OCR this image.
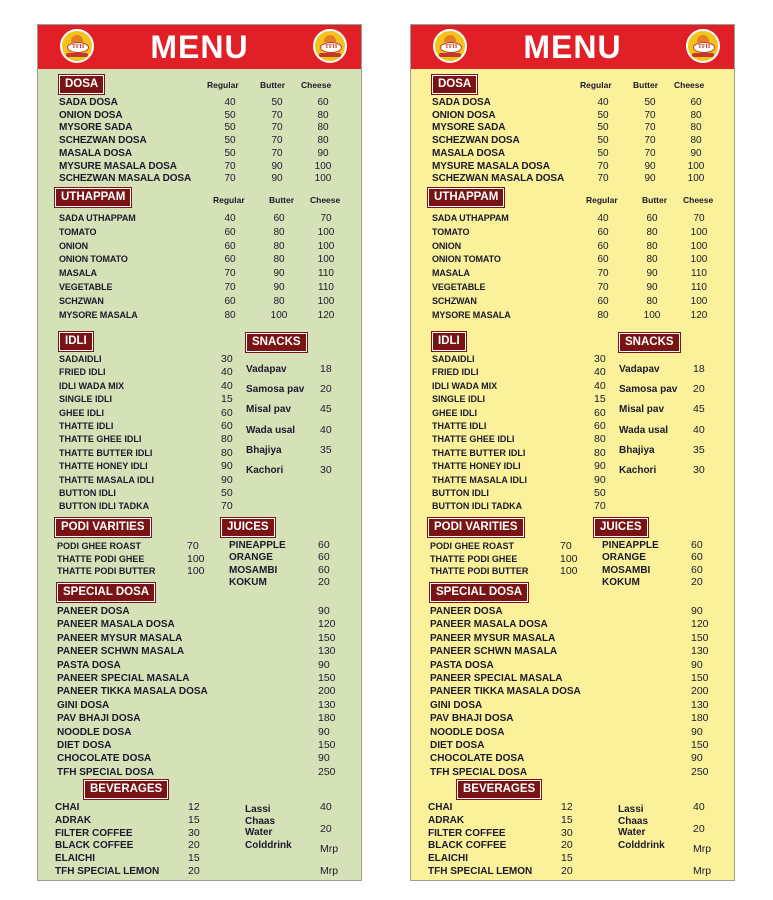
MENU
TFH	TFH
DOSA	Regular	Butter Cheese
SADA DOSA	40	50	60
ONION DOSA	50	70	80
MYSORE SADA	50	70	80
SCHEZWAN DOSA	50	70	80
MASALA DOSA	50	70	90
MYSURE MASALA DOSA	70	90	100
SCHEZWAN MASALA DOSA	70	90	100
UTHAPPAM	Regular	Butter Cheese
SADA UTHAPPAM	40	60	70
TOMATO	60	80	100
ONION	60	80	100
ONION TOMATO	60	80	100
MASALA	70	90	110
VEGETABLE	70	90	110
SCHZWAN	60	80	100
MYSORE MASALA	80	100	120
IDLI
SADAIDLI	30
FRIED IDLI	40
IDLI WADA MIX	40
SINGLE IDLI	15
GHEE IDLI	60
THATTE IDLI	60
THATTE GHEE IDLI	80
THATTE BUTTER IDLI	80
THATTE HONEY IDLI	90
THATTE MASALA IDLI	90
BUTTON IDLI	50
BUTTON IDLI TADKA	70
SNACKS
Vadapav	18
Samosa pav 20
Misal pav	45
Wada usal 40
Bhajiya	35
Kachori	30
PODI VARITIES
PODI GHEE ROAST	70
THATTE PODI GHEE	100
THATTE PODI BUTTER	100
JUICES
PINEAPPLE	60
ORANGE	60
MOSAMBI	60
KOKUM	20
SPECIAL DOSA
PANEER DOSA	90
PANEER MASALA DOSA	120
PANEER MYSUR MASALA	150
PANEER SCHWN MASALA	130
PASTA DOSA	90
PANEER SPECIAL MASALA	150
PANEER TIKKA MASALA DOSA	200
GINI DOSA	130
PAV BHAJI DOSA	180
NOODLE DOSA	90
DIET DOSA	150
CHOCOLATE DOSA	90
TFH SPECIAL DOSA	250
BEVERAGES
CHAI	12
ADRAK	15
FILTER COFFEE	30
BLACK COFFEE	20
ELAICHI	15
TFH SPECIAL LEMON	20
Lassi	40
Chaas
Water	20
Colddrink	Mrp
Mrp
MENU
TFH	TFH
DOSA	Regular	Butter Cheese
SADA DOSA	40	50	60
ONION DOSA	50	70	80
MYSORE SADA	50	70	80
SCHEZWAN DOSA	50	70	80
MASALA DOSA	50	70	90
MYSURE MASALA DOSA	70	90	100
SCHEZWAN MASALA DOSA	70	90	100
UTHAPPAM	Regular	Butter Cheese
SADA UTHAPPAM	40	60	70
TOMATO	60	80	100
ONION	60	80	100
ONION TOMATO	60	80	100
MASALA	70	90	110
VEGETABLE	70	90	110
SCHZWAN	60	80	100
MYSORE MASALA	80	100	120
IDLI
SADAIDLI	30
FRIED IDLI	40
IDLI WADA MIX	40
SINGLE IDLI	15
GHEE IDLI	60
THATTE IDLI	60
THATTE GHEE IDLI	80
THATTE BUTTER IDLI	80
THATTE HONEY IDLI	90
THATTE MASALA IDLI	90
BUTTON IDLI	50
BUTTON IDLI TADKA	70
SNACKS
Vadapav	18
Samosa pav 20
Misal pav	45
Wada usal 40
Bhajiya	35
Kachori	30
PODI VARITIES
PODI GHEE ROAST	70
THATTE PODI GHEE	100
THATTE PODI BUTTER	100
JUICES
PINEAPPLE	60
ORANGE	60
MOSAMBI	60
KOKUM	20
SPECIAL DOSA
PANEER DOSA	90
PANEER MASALA DOSA	120
PANEER MYSUR MASALA	150
PANEER SCHWN MASALA	130
PASTA DOSA	90
PANEER SPECIAL MASALA	150
PANEER TIKKA MASALA DOSA	200
GINI DOSA	130
PAV BHAJI DOSA	180
NOODLE DOSA	90
DIET DOSA	150
CHOCOLATE DOSA	90
TFH SPECIAL DOSA	250
BEVERAGES
CHAI	12
ADRAK	15
FILTER COFFEE	30
BLACK COFFEE	20
ELAICHI	15
TFH SPECIAL LEMON	20
Lassi	40
Chaas
Water	20
Colddrink	Mrp
Mrp
